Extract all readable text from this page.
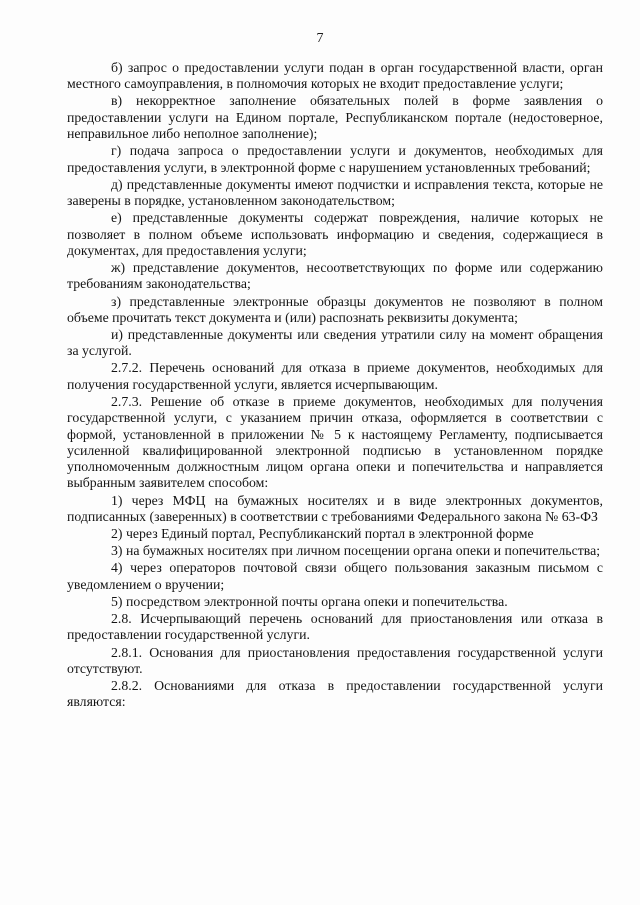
7

б) запрос о предоставлении услуги подан в орган государственной власти, орган местного самоуправления, в полномочия которых не входит предоставление услуги;

в) некорректное заполнение обязательных полей в форме заявления о предоставлении услуги на Едином портале, Республиканском портале (недостоверное, неправильное либо неполное заполнение);

г) подача запроса о предоставлении услуги и документов, необходимых для предоставления услуги, в электронной форме с нарушением установленных требований;

д) представленные документы имеют подчистки и исправления текста, которые не заверены в порядке, установленном законодательством;

е) представленные документы содержат повреждения, наличие которых не позволяет в полном объеме использовать информацию и сведения, содержащиеся в документах, для предоставления услуги;

ж) представление документов, несоответствующих по форме или содержанию требованиям законодательства;

з) представленные электронные образцы документов не позволяют в полном объеме прочитать текст документа и (или) распознать реквизиты документа;

и) представленные документы или сведения утратили силу на момент обращения за услугой.

2.7.2. Перечень оснований для отказа в приеме документов, необходимых для получения государственной услуги, является исчерпывающим.

2.7.3. Решение об отказе в приеме документов, необходимых для получения государственной услуги, с указанием причин отказа, оформляется в соответствии с формой, установленной в приложении № 5 к настоящему Регламенту, подписывается усиленной квалифицированной электронной подписью в установленном порядке уполномоченным должностным лицом органа опеки и попечительства и направляется выбранным заявителем способом:

1) через МФЦ на бумажных носителях и в виде электронных документов, подписанных (заверенных) в соответствии с требованиями Федерального закона № 63-ФЗ

2) через Единый портал, Республиканский портал в электронной форме

3) на бумажных носителях при личном посещении органа опеки и попечительства;

4) через операторов почтовой связи общего пользования заказным письмом с уведомлением о вручении;

5) посредством электронной почты органа опеки и попечительства.

2.8. Исчерпывающий перечень оснований для приостановления или отказа в предоставлении государственной услуги.

2.8.1. Основания для приостановления предоставления государственной услуги отсутствуют.

2.8.2. Основаниями для отказа в предоставлении государственной услуги являются:
